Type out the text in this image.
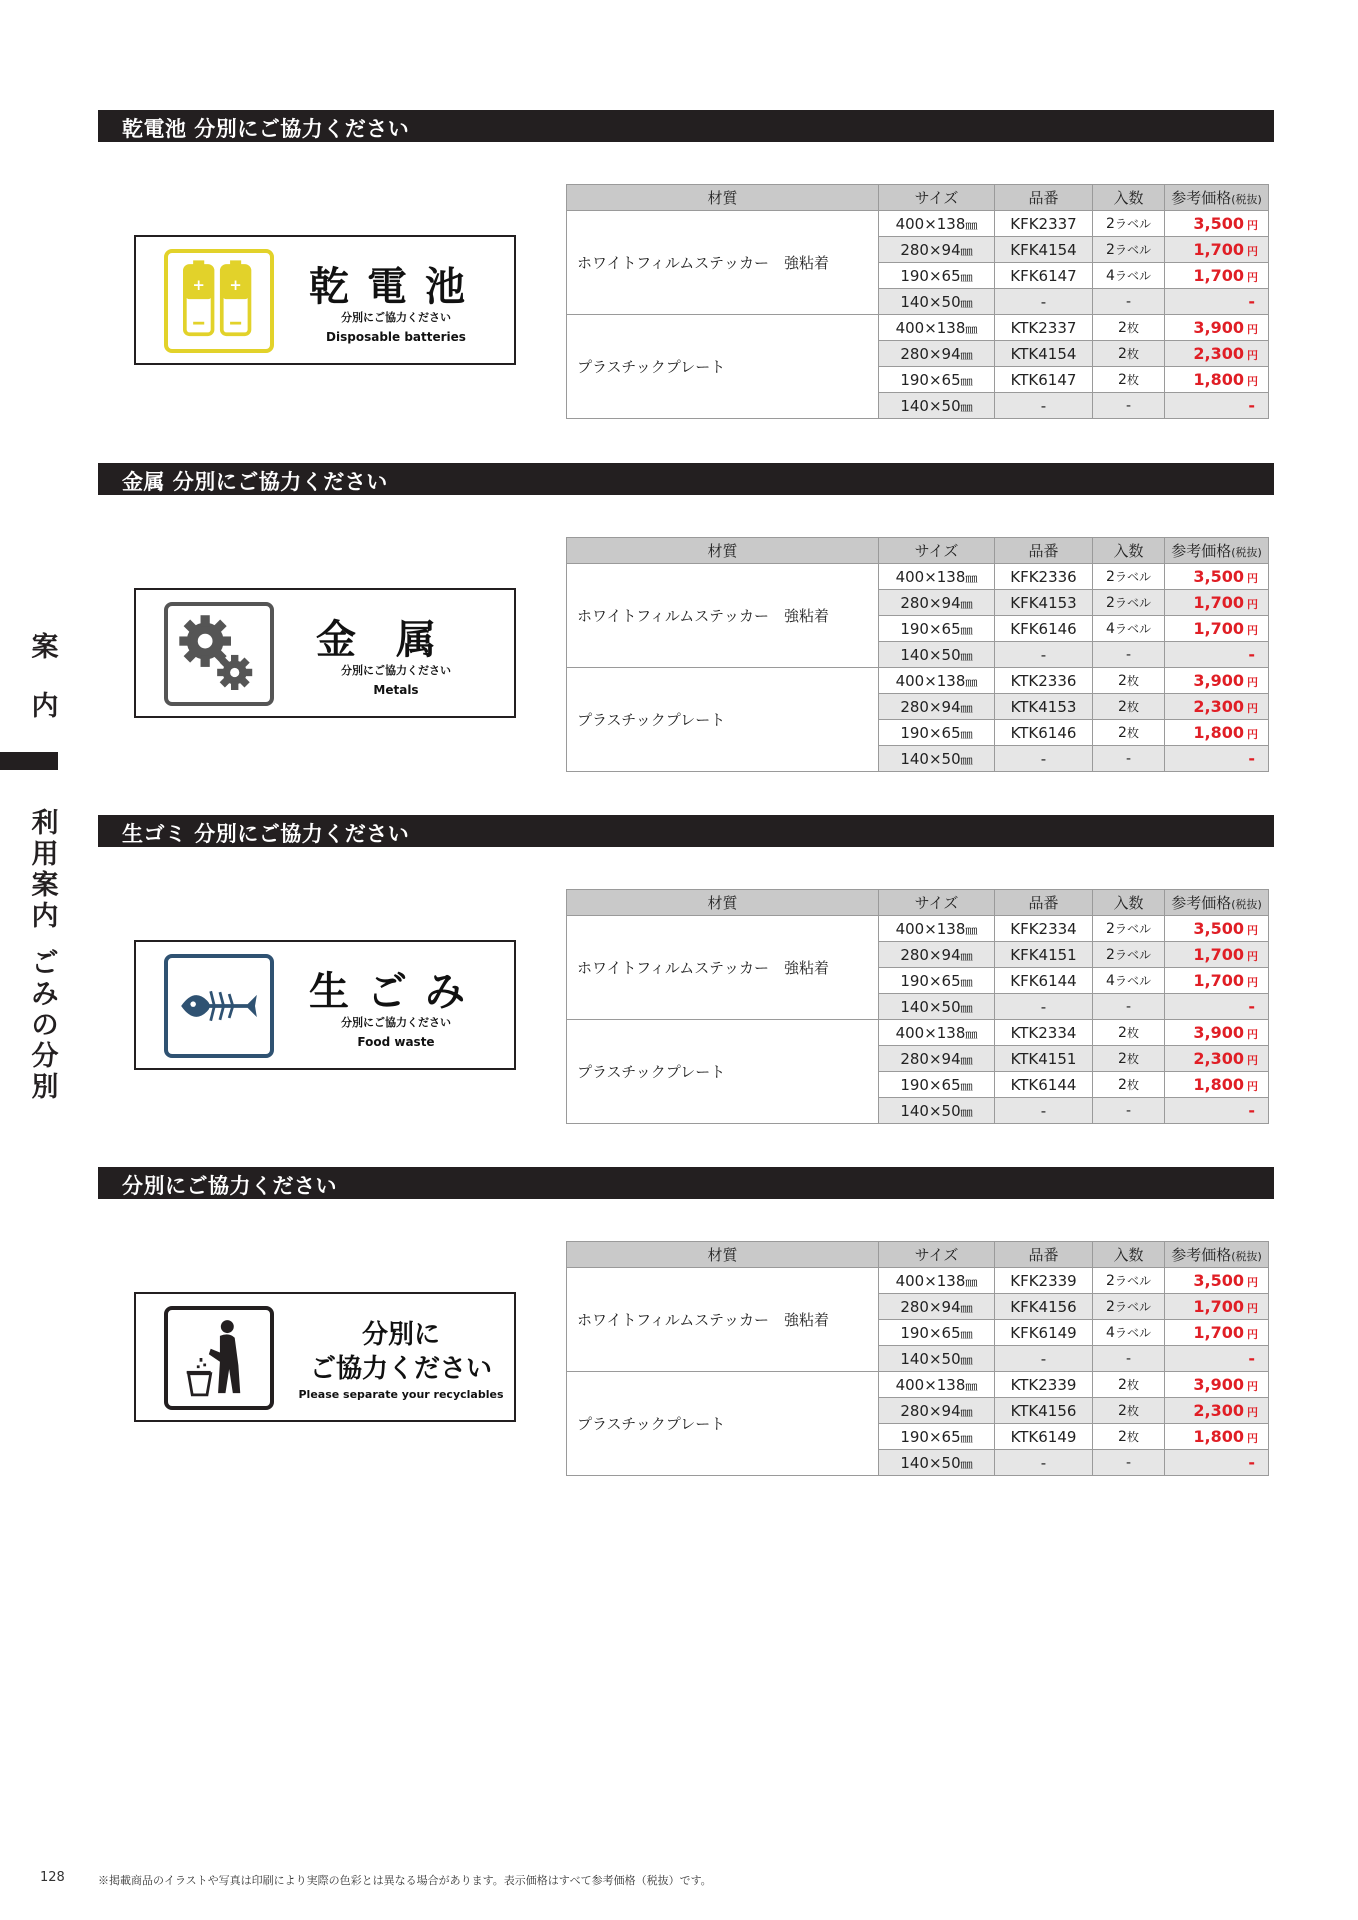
案
内
利
用
案
内
ご
み
の
分
別
乾電池 分別にご協力ください
+ +	乾電池
分別にご協力ください
Disposable batteries
材質	サイズ	品番	入数	参考価格(税抜)
ホワイトフィルムステッカー　強粘着	400×138㎜	KFK2337	2ラベル	3,500 円
	280×94㎜	KFK4154	2ラベル	1,700 円
	190×65㎜	KFK6147	4ラベル	1,700 円
	140×50㎜	-	-	-
プラスチックプレート	400×138㎜	KTK2337	2枚	3,900 円
	280×94㎜	KTK4154	2枚	2,300 円
	190×65㎜	KTK6147	2枚	1,800 円
	140×50㎜	-	-	-
金属 分別にご協力ください
金属
分別にご協力ください
Metals
材質	サイズ	品番	入数	参考価格(税抜)
ホワイトフィルムステッカー　強粘着	400×138㎜	KFK2336	2ラベル	3,500 円
	280×94㎜	KFK4153	2ラベル	1,700 円
	190×65㎜	KFK6146	4ラベル	1,700 円
	140×50㎜	-	-	-
プラスチックプレート	400×138㎜	KTK2336	2枚	3,900 円
	280×94㎜	KTK4153	2枚	2,300 円
	190×65㎜	KTK6146	2枚	1,800 円
	140×50㎜	-	-	-
生ゴミ 分別にご協力ください
生ごみ
分別にご協力ください
Food waste
材質	サイズ	品番	入数	参考価格(税抜)
ホワイトフィルムステッカー　強粘着	400×138㎜	KFK2334	2ラベル	3,500 円
	280×94㎜	KFK4151	2ラベル	1,700 円
	190×65㎜	KFK6144	4ラベル	1,700 円
	140×50㎜	-	-	-
プラスチックプレート	400×138㎜	KTK2334	2枚	3,900 円
	280×94㎜	KTK4151	2枚	2,300 円
	190×65㎜	KTK6144	2枚	1,800 円
	140×50㎜	-	-	-
分別にご協力ください
分別に
ご協力ください
Please separate your recyclables
材質	サイズ	品番	入数	参考価格(税抜)
ホワイトフィルムステッカー　強粘着	400×138㎜	KFK2339	2ラベル	3,500 円
	280×94㎜	KFK4156	2ラベル	1,700 円
	190×65㎜	KFK6149	4ラベル	1,700 円
	140×50㎜	-	-	-
プラスチックプレート	400×138㎜	KTK2339	2枚	3,900 円
	280×94㎜	KTK4156	2枚	2,300 円
	190×65㎜	KTK6149	2枚	1,800 円
	140×50㎜	-	-	-
128	※掲載商品のイラストや写真は印刷により実際の色彩とは異なる場合があります。表示価格はすべて参考価格（税抜）です。
